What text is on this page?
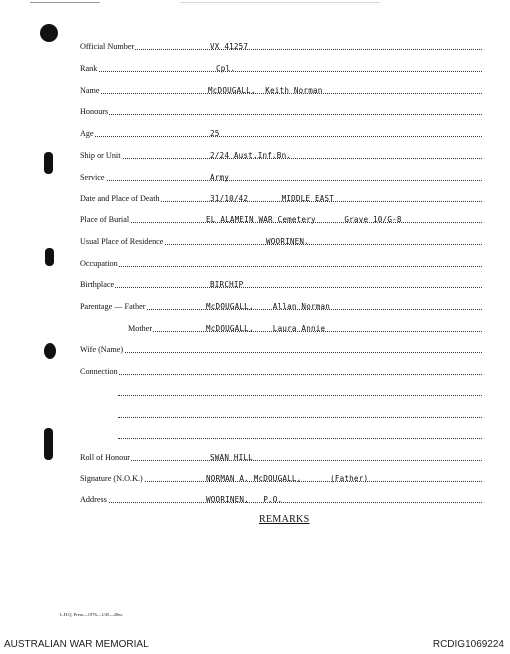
Official Number	VX 41257
Rank	Cpl.
Name	McDOUGALL,  Keith Norman
Honours
Age	25
Ship or Unit	2/24 Aust.Inf.Bn.
Service	Army
Date and Place of Death	31/10/42       MIDDLE EAST
Place of Burial	EL ALAMEIN WAR Cemetery      Grave 10/G-8
Usual Place of Residence	WOORINEN.
Occupation
Birthplace	BIRCHIP
Parentage — Father	McDOUGALL,    Allan Norman
Mother	McDOUGALL,    Laura Annie
Wife (Name)
Connection
Roll of Honour	SWAN HILL
Signature (N.O.K.)	NORMAN A. McDOUGALL,      (Father)
Address	WOORINEN,   P.O.
REMARKS
L.H.Q. Press—1976—1/45—20m.
AUSTRALIAN WAR MEMORIAL	RCDIG1069224
